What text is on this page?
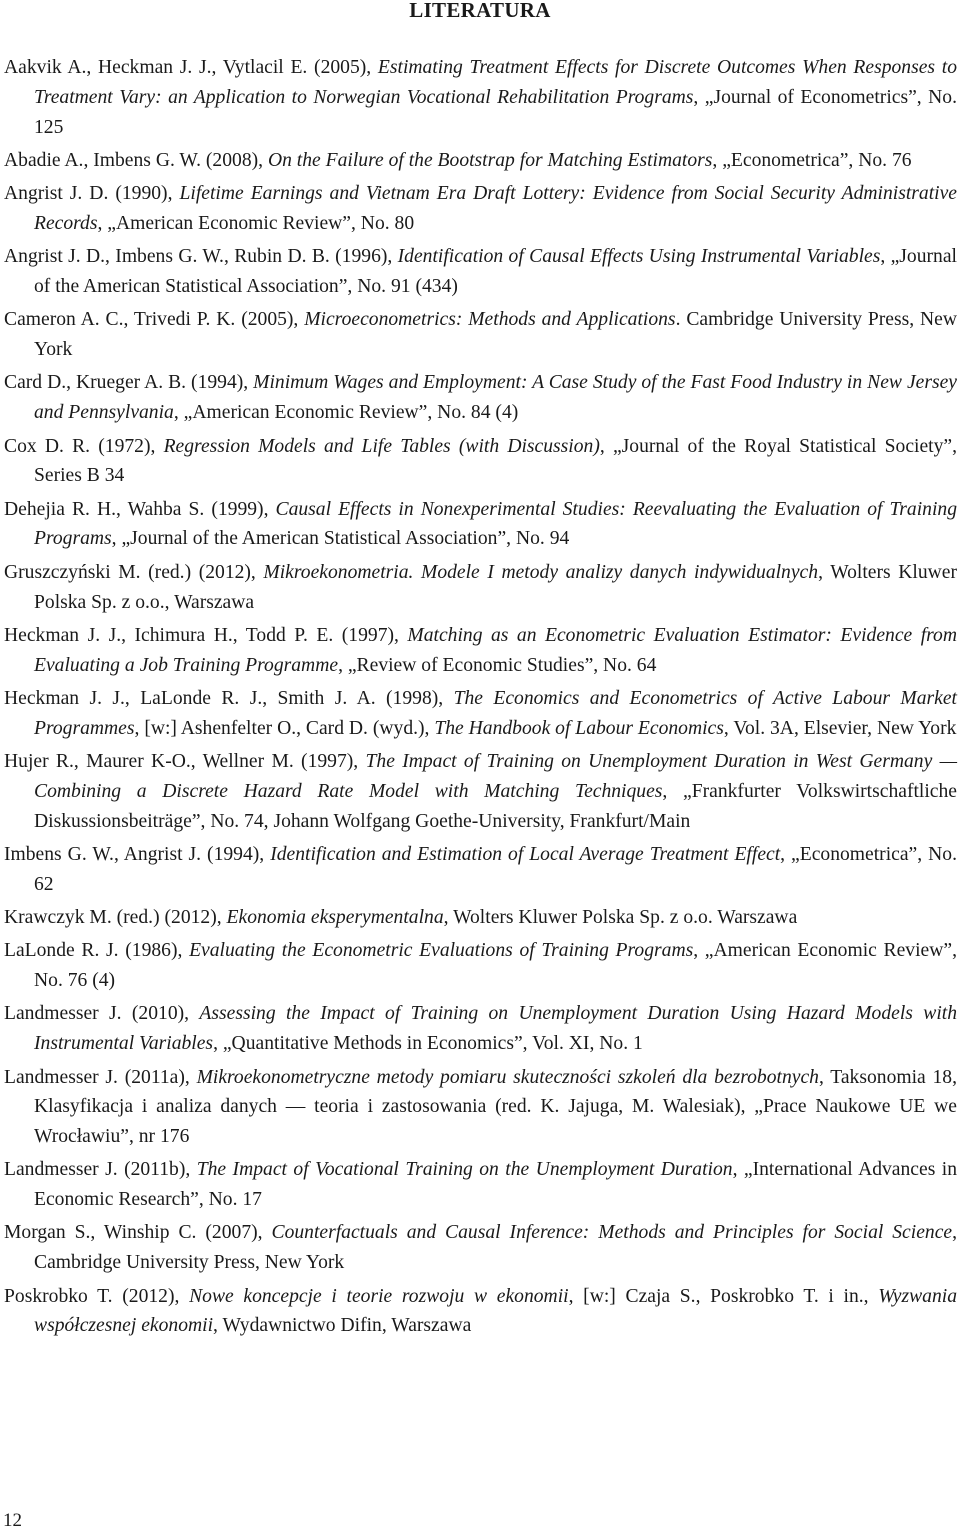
LITERATURA

Aakvik A., Heckman J. J., Vytlacil E. (2005), Estimating Treatment Effects for Discrete Outcomes When Responses to Treatment Vary: an Application to Norwegian Vocational Rehabilitation Programs, „Journal of Econometrics”, No. 125

Abadie A., Imbens G. W. (2008), On the Failure of the Bootstrap for Matching Estimators, „Econometrica”, No. 76

Angrist J. D. (1990), Lifetime Earnings and Vietnam Era Draft Lottery: Evidence from Social Security Administrative Records, „American Economic Review”, No. 80

Angrist J. D., Imbens G. W., Rubin D. B. (1996), Identification of Causal Effects Using Instrumental Variables, „Journal of the American Statistical Association”, No. 91 (434)

Cameron A. C., Trivedi P. K. (2005), Microeconometrics: Methods and Applications. Cambridge University Press, New York

Card D., Krueger A. B. (1994), Minimum Wages and Employment: A Case Study of the Fast Food Industry in New Jersey and Pennsylvania, „American Economic Review”, No. 84 (4)

Cox D. R. (1972), Regression Models and Life Tables (with Discussion), „Journal of the Royal Statistical Society”, Series B 34

Dehejia R. H., Wahba S. (1999), Causal Effects in Nonexperimental Studies: Reevaluating the Evaluation of Training Programs, „Journal of the American Statistical Association”, No. 94

Gruszczyński M. (red.) (2012), Mikroekonometria. Modele I metody analizy danych indywidualnych, Wolters Kluwer Polska Sp. z o.o., Warszawa

Heckman J. J., Ichimura H., Todd P. E. (1997), Matching as an Econometric Evaluation Estimator: Evidence from Evaluating a Job Training Programme, „Review of Economic Studies”, No. 64

Heckman J. J., LaLonde R. J., Smith J. A. (1998), The Economics and Econometrics of Active Labour Market Programmes, [w:] Ashenfelter O., Card D. (wyd.), The Handbook of Labour Economics, Vol. 3A, Elsevier, New York

Hujer R., Maurer K-O., Wellner M. (1997), The Impact of Training on Unemployment Duration in West Germany — Combining a Discrete Hazard Rate Model with Matching Techniques, „Frankfurter Volkswirtschaftliche Diskussionsbeiträge”, No. 74, Johann Wolfgang Goethe-University, Frankfurt/Main

Imbens G. W., Angrist J. (1994), Identification and Estimation of Local Average Treatment Effect, „Econometrica”, No. 62

Krawczyk M. (red.) (2012), Ekonomia eksperymentalna, Wolters Kluwer Polska Sp. z o.o. Warszawa

LaLonde R. J. (1986), Evaluating the Econometric Evaluations of Training Programs, „American Economic Review”, No. 76 (4)

Landmesser J. (2010), Assessing the Impact of Training on Unemployment Duration Using Hazard Models with Instrumental Variables, „Quantitative Methods in Economics”, Vol. XI, No. 1

Landmesser J. (2011a), Mikroekonometryczne metody pomiaru skuteczności szkoleń dla bezrobotnych, Taksonomia 18, Klasyfikacja i analiza danych — teoria i zastosowania (red. K. Jajuga, M. Walesiak), „Prace Naukowe UE we Wrocławiu”, nr 176

Landmesser J. (2011b), The Impact of Vocational Training on the Unemployment Duration, „International Advances in Economic Research”, No. 17

Morgan S., Winship C. (2007), Counterfactuals and Causal Inference: Methods and Principles for Social Science, Cambridge University Press, New York

Poskrobko T. (2012), Nowe koncepcje i teorie rozwoju w ekonomii, [w:] Czaja S., Poskrobko T. i in., Wyzwania współczesnej ekonomii, Wydawnictwo Difin, Warszawa

12
